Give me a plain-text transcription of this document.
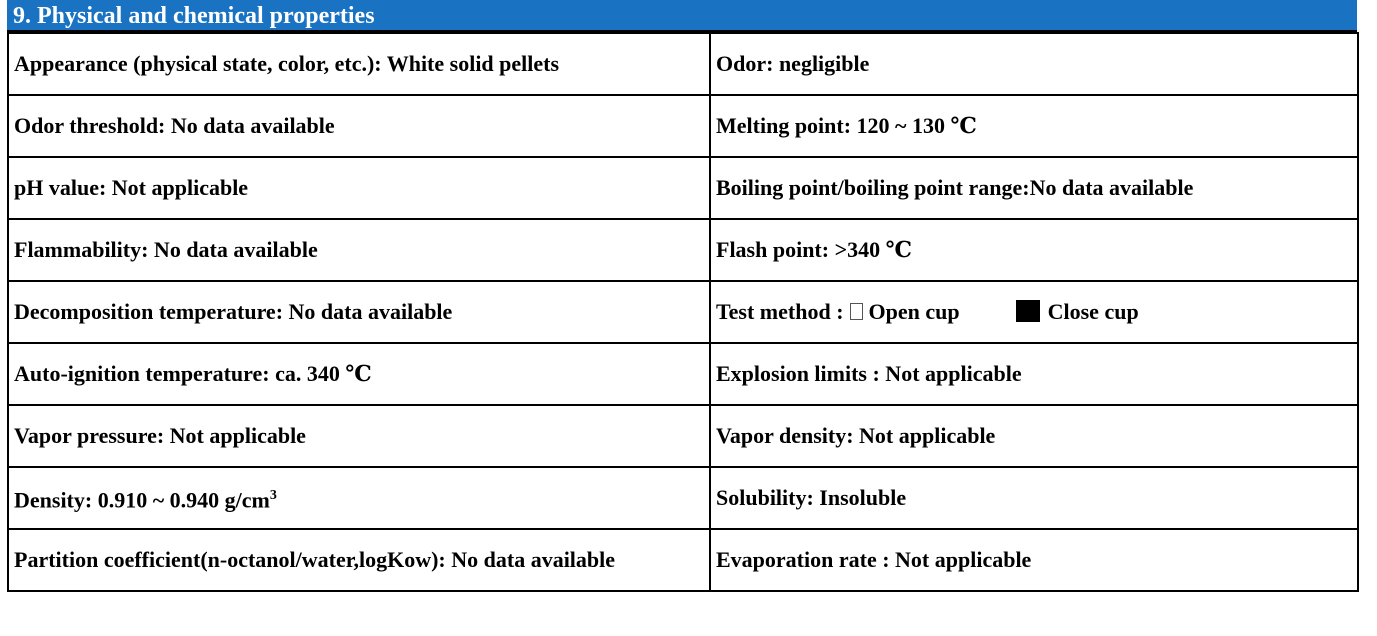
9. Physical and chemical properties
Appearance (physical state, color, etc.): White solid pellets	Odor: negligible
Odor threshold: No data available	Melting point: 120 ~ 130 ℃
pH value: Not applicable	Boiling point/boiling point range:No data available
Flammability: No data available	Flash point: >340 ℃
Decomposition temperature: No data available	Test method : Open cup Close cup
Auto-ignition temperature: ca. 340 ℃	Explosion limits : Not applicable
Vapor pressure: Not applicable	Vapor density: Not applicable
Density: 0.910 ~ 0.940 $g/cm^3$	Solubility: Insoluble
Partition coefficient(n-octanol/water,logKow): No data available	Evaporation rate : Not applicable
